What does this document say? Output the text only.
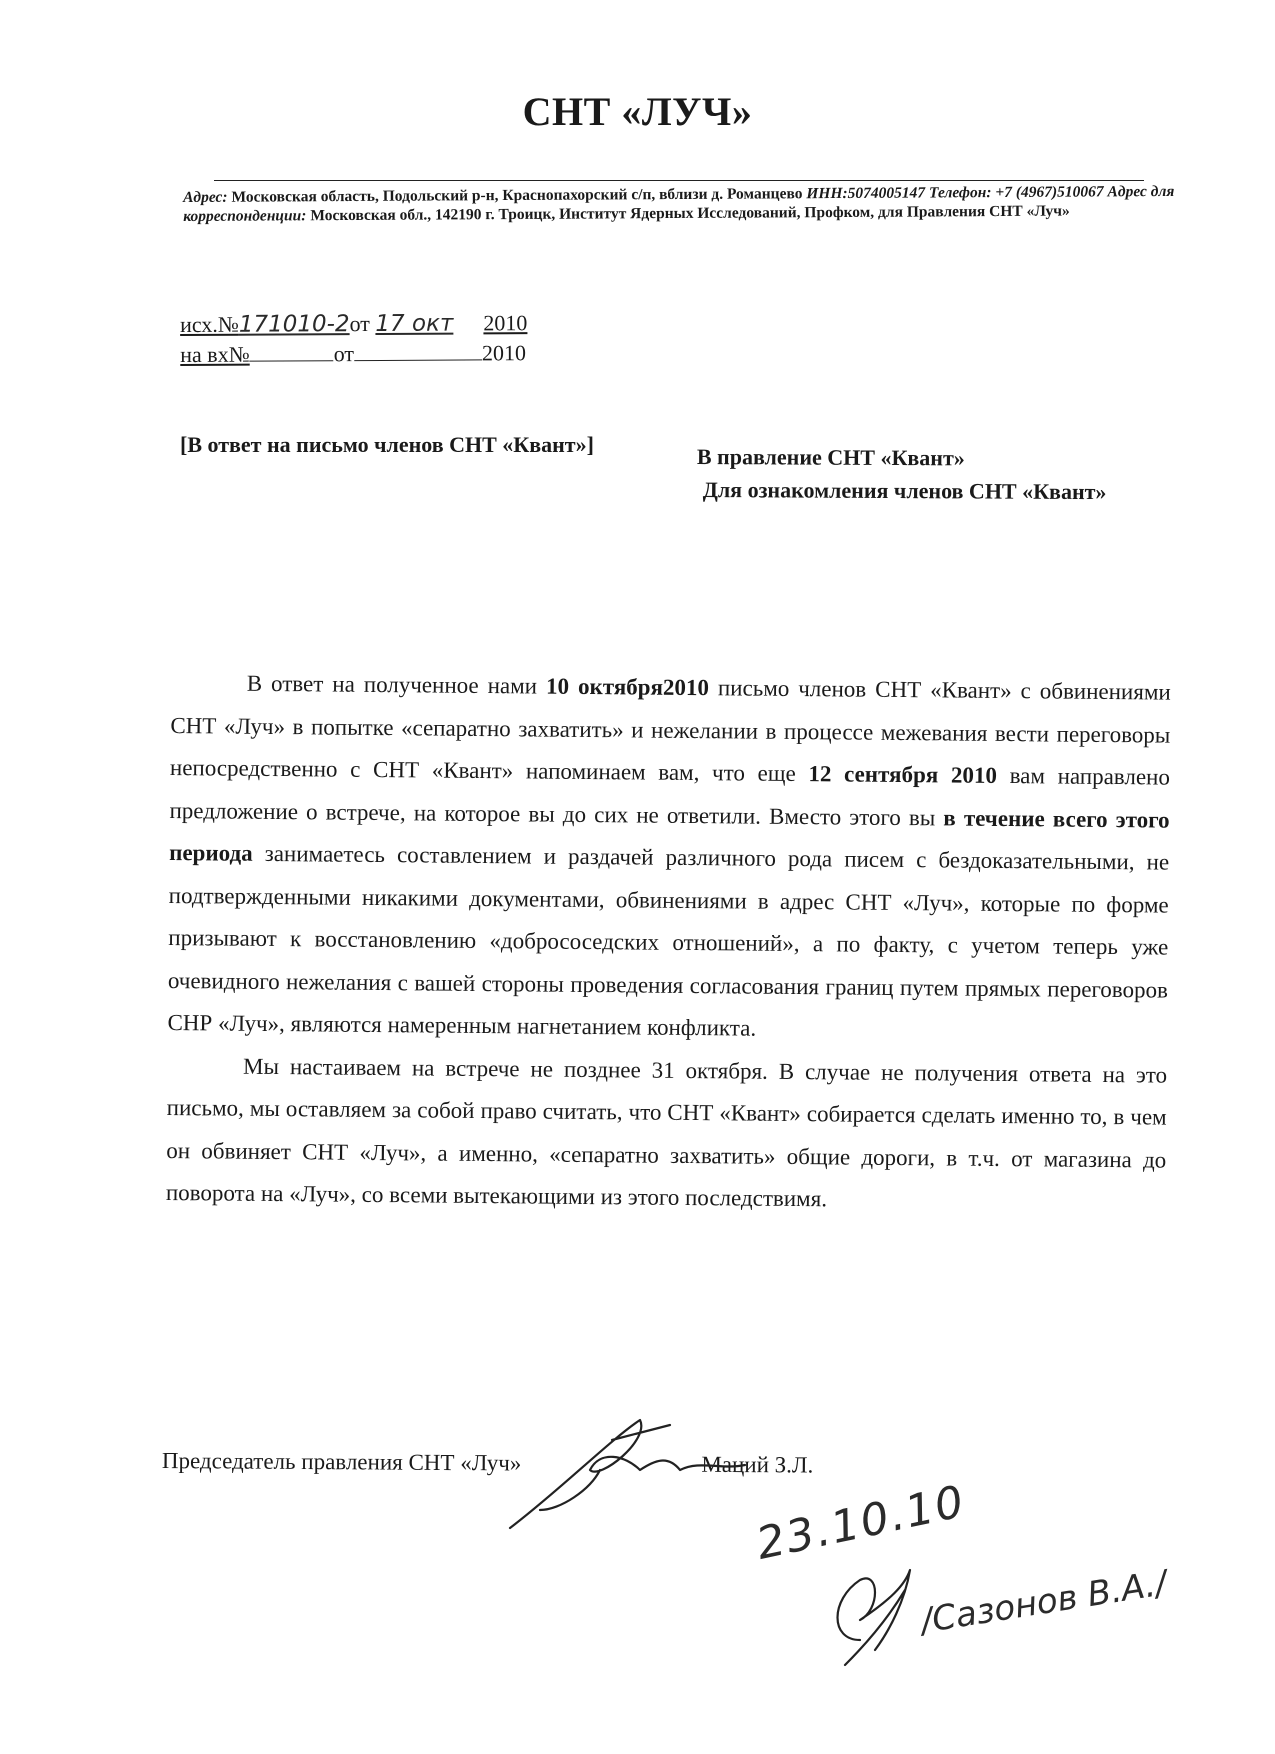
СНТ «ЛУЧ»
Адрес: Московская область, Подольский р-н, Краснопахорский с/п, вблизи д. Романцево ИНН:5074005147 Телефон: +7 (4967)510067 Адрес для корреспонденции: Московская обл., 142190 г. Троицк, Институт Ядерных Исследований, Профком, для Правления СНТ «Луч»
исх.№171010-2от 17 окт 2010
на вх№	от	2010
[В ответ на письмо членов СНТ «Квант»]	В правление СНТ «Квант»
Для ознакомления членов СНТ «Квант»

В ответ на полученное нами 10 октября2010 письмо членов СНТ «Квант» с обвинениями СНТ «Луч» в попытке «сепаратно захватить» и нежелании в процессе межевания вести переговоры непосредственно с СНТ «Квант» напоминаем вам, что еще 12 сентября 2010 вам направлено предложение о встрече, на которое вы до сих не ответили. Вместо этого вы в течение всего этого периода занимаетесь составлением и раздачей различного рода писем с бездоказательными, не подтвержденными никакими документами, обвинениями в адрес СНТ «Луч», которые по форме призывают к восстановлению «добрососедских отношений», а по факту, с учетом теперь уже очевидного нежелания с вашей стороны проведения согласования границ путем прямых переговоров СНР «Луч», являются намеренным нагнетанием конфликта.

Мы настаиваем на встрече не позднее 31 октября. В случае не получения ответа на это письмо, мы оставляем за собой право считать, что СНТ «Квант» собирается сделать именно то, в чем он обвиняет СНТ «Луч», а именно, «сепаратно захватить» общие дороги, в т.ч. от магазина до поворота на «Луч», со всеми вытекающими из этого последствимя.

Председатель правления СНТ «Луч»	Маций З.Л.
23.10.10
/Сазонов В.А./
